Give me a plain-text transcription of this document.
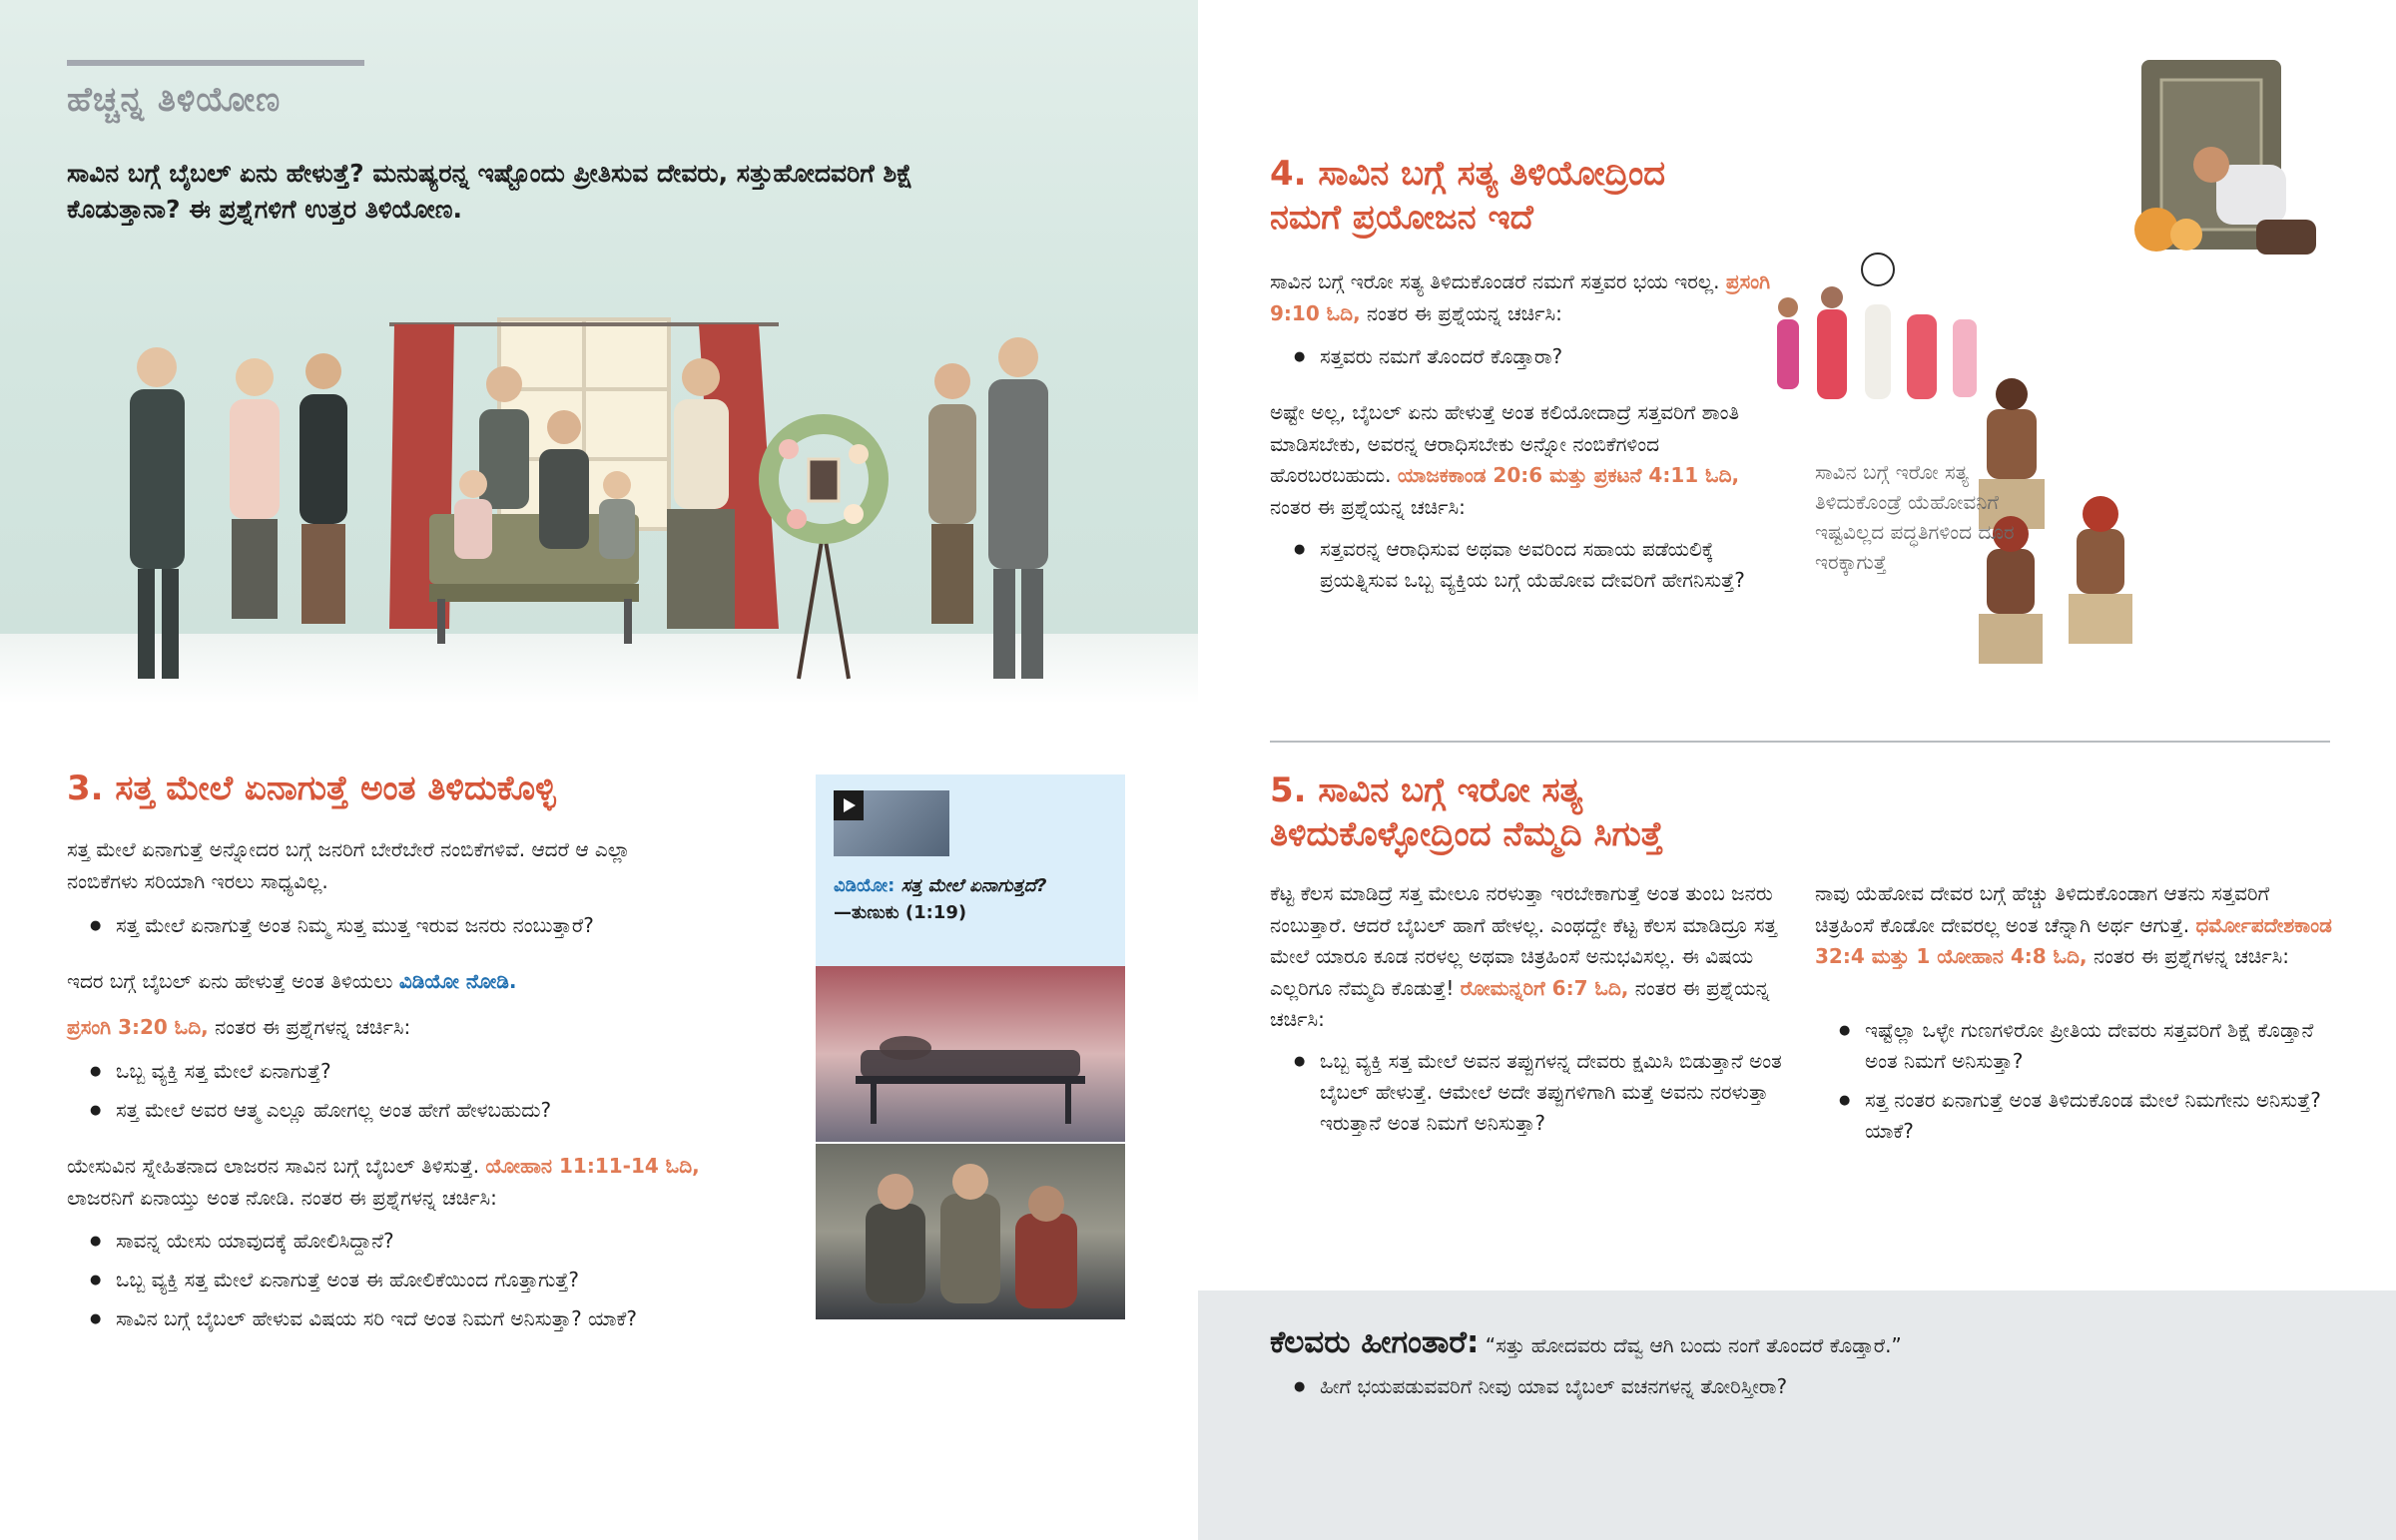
ಹೆಚ್ಚನ್ನ ತಿಳಿಯೋಣ
ಸಾವಿನ ಬಗ್ಗೆ ಬೈಬಲ್ ಏನು ಹೇಳುತ್ತೆ? ಮನುಷ್ಯರನ್ನ ಇಷ್ಟೊಂದು ಪ್ರೀತಿಸುವ ದೇವರು, ಸತ್ತುಹೋದವರಿಗೆ ಶಿಕ್ಷೆ ಕೊಡುತ್ತಾನಾ? ಈ ಪ್ರಶ್ನೆಗಳಿಗೆ ಉತ್ತರ ತಿಳಿಯೋಣ.
3. ಸತ್ತ ಮೇಲೆ ಏನಾಗುತ್ತೆ ಅಂತ ತಿಳಿದುಕೊಳ್ಳಿ
ಸತ್ತ ಮೇಲೆ ಏನಾಗುತ್ತೆ ಅನ್ನೋದರ ಬಗ್ಗೆ ಜನರಿಗೆ ಬೇರೆಬೇರೆ ನಂಬಿಕೆಗಳಿವೆ. ಆದರೆ ಆ ಎಲ್ಲಾ ನಂಬಿಕೆಗಳು ಸರಿಯಾಗಿ ಇರಲು ಸಾಧ್ಯವಿಲ್ಲ.
● ಸತ್ತ ಮೇಲೆ ಏನಾಗುತ್ತೆ ಅಂತ ನಿಮ್ಮ ಸುತ್ತ ಮುತ್ತ ಇರುವ ಜನರು ನಂಬುತ್ತಾರೆ?
ಇದರ ಬಗ್ಗೆ ಬೈಬಲ್ ಏನು ಹೇಳುತ್ತೆ ಅಂತ ತಿಳಿಯಲು ವಿಡಿಯೋ ನೋಡಿ.
ಪ್ರಸಂಗಿ 3:20 ಓದಿ, ನಂತರ ಈ ಪ್ರಶ್ನೆಗಳನ್ನ ಚರ್ಚಿಸಿ:
● ಒಬ್ಬ ವ್ಯಕ್ತಿ ಸತ್ತ ಮೇಲೆ ಏನಾಗುತ್ತೆ?
● ಸತ್ತ ಮೇಲೆ ಅವರ ಆತ್ಮ ಎಲ್ಲೂ ಹೋಗಲ್ಲ ಅಂತ ಹೇಗೆ ಹೇಳಬಹುದು?
ಯೇಸುವಿನ ಸ್ನೇಹಿತನಾದ ಲಾಜರನ ಸಾವಿನ ಬಗ್ಗೆ ಬೈಬಲ್ ತಿಳಿಸುತ್ತೆ. ಯೋಹಾನ 11:11-14 ಓದಿ, ಲಾಜರನಿಗೆ ಏನಾಯ್ತು ಅಂತ ನೋಡಿ. ನಂತರ ಈ ಪ್ರಶ್ನೆಗಳನ್ನ ಚರ್ಚಿಸಿ:
● ಸಾವನ್ನ ಯೇಸು ಯಾವುದಕ್ಕೆ ಹೋಲಿಸಿದ್ದಾನೆ?
● ಒಬ್ಬ ವ್ಯಕ್ತಿ ಸತ್ತ ಮೇಲೆ ಏನಾಗುತ್ತೆ ಅಂತ ಈ ಹೋಲಿಕೆಯಿಂದ ಗೊತ್ತಾಗುತ್ತೆ?
● ಸಾವಿನ ಬಗ್ಗೆ ಬೈಬಲ್ ಹೇಳುವ ವಿಷಯ ಸರಿ ಇದೆ ಅಂತ ನಿಮಗೆ ಅನಿಸುತ್ತಾ? ಯಾಕೆ?
ವಿಡಿಯೋ: ಸತ್ತ ಮೇಲೆ ಏನಾಗುತ್ತದೆ?
—ತುಣುಕು (1:19)
4. ಸಾವಿನ ಬಗ್ಗೆ ಸತ್ಯ ತಿಳಿಯೋದ್ರಿಂದ
ನಮಗೆ ಪ್ರಯೋಜನ ಇದೆ
ಸಾವಿನ ಬಗ್ಗೆ ಇರೋ ಸತ್ಯ ತಿಳಿದುಕೊಂಡರೆ ನಮಗೆ ಸತ್ತವರ ಭಯ ಇರಲ್ಲ. ಪ್ರಸಂಗಿ 9:10 ಓದಿ, ನಂತರ ಈ ಪ್ರಶ್ನೆಯನ್ನ ಚರ್ಚಿಸಿ:
● ಸತ್ತವರು ನಮಗೆ ತೊಂದರೆ ಕೊಡ್ತಾರಾ?
ಅಷ್ಟೇ ಅಲ್ಲ, ಬೈಬಲ್ ಏನು ಹೇಳುತ್ತೆ ಅಂತ ಕಲಿಯೋದಾದ್ರೆ ಸತ್ತವರಿಗೆ ಶಾಂತಿ ಮಾಡಿಸಬೇಕು, ಅವರನ್ನ ಆರಾಧಿಸಬೇಕು ಅನ್ನೋ ನಂಬಿಕೆಗಳಿಂದ ಹೊರಬರಬಹುದು. ಯಾಜಕಕಾಂಡ 20:6 ಮತ್ತು ಪ್ರಕಟನೆ 4:11 ಓದಿ, ನಂತರ ಈ ಪ್ರಶ್ನೆಯನ್ನ ಚರ್ಚಿಸಿ:
● ಸತ್ತವರನ್ನ ಆರಾಧಿಸುವ ಅಥವಾ ಅವರಿಂದ ಸಹಾಯ ಪಡೆಯಲಿಕ್ಕೆ ಪ್ರಯತ್ನಿಸುವ ಒಬ್ಬ ವ್ಯಕ್ತಿಯ ಬಗ್ಗೆ ಯೆಹೋವ ದೇವರಿಗೆ ಹೇಗನಿಸುತ್ತೆ?
ಸಾವಿನ ಬಗ್ಗೆ ಇರೋ ಸತ್ಯ ತಿಳಿದುಕೊಂಡ್ರೆ ಯೆಹೋವನಿಗೆ ಇಷ್ಟವಿಲ್ಲದ ಪದ್ಧತಿಗಳಿಂದ ದೂರ ಇರಕ್ಕಾಗುತ್ತೆ
5. ಸಾವಿನ ಬಗ್ಗೆ ಇರೋ ಸತ್ಯ
ತಿಳಿದುಕೊಳ್ಳೋದ್ರಿಂದ ನೆಮ್ಮದಿ ಸಿಗುತ್ತೆ
ಕೆಟ್ಟ ಕೆಲಸ ಮಾಡಿದ್ರೆ ಸತ್ತ ಮೇಲೂ ನರಳುತ್ತಾ ಇರಬೇಕಾಗುತ್ತೆ ಅಂತ ತುಂಬ ಜನರು ನಂಬುತ್ತಾರೆ. ಆದರೆ ಬೈಬಲ್ ಹಾಗೆ ಹೇಳಲ್ಲ. ಎಂಥದ್ದೇ ಕೆಟ್ಟ ಕೆಲಸ ಮಾಡಿದ್ರೂ ಸತ್ತ ಮೇಲೆ ಯಾರೂ ಕೂಡ ನರಳಲ್ಲ ಅಥವಾ ಚಿತ್ರಹಿಂಸೆ ಅನುಭವಿಸಲ್ಲ. ಈ ವಿಷಯ ಎಲ್ಲರಿಗೂ ನೆಮ್ಮದಿ ಕೊಡುತ್ತೆ! ರೋಮನ್ನರಿಗೆ 6:7 ಓದಿ, ನಂತರ ಈ ಪ್ರಶ್ನೆಯನ್ನ ಚರ್ಚಿಸಿ:
● ಒಬ್ಬ ವ್ಯಕ್ತಿ ಸತ್ತ ಮೇಲೆ ಅವನ ತಪ್ಪುಗಳನ್ನ ದೇವರು ಕ್ಷಮಿಸಿ ಬಿಡುತ್ತಾನೆ ಅಂತ ಬೈಬಲ್ ಹೇಳುತ್ತೆ. ಆಮೇಲೆ ಅದೇ ತಪ್ಪುಗಳಿಗಾಗಿ ಮತ್ತೆ ಅವನು ನರಳುತ್ತಾ ಇರುತ್ತಾನೆ ಅಂತ ನಿಮಗೆ ಅನಿಸುತ್ತಾ?
ನಾವು ಯೆಹೋವ ದೇವರ ಬಗ್ಗೆ ಹೆಚ್ಚು ತಿಳಿದುಕೊಂಡಾಗ ಆತನು ಸತ್ತವರಿಗೆ ಚಿತ್ರಹಿಂಸೆ ಕೊಡೋ ದೇವರಲ್ಲ ಅಂತ ಚೆನ್ನಾಗಿ ಅರ್ಥ ಆಗುತ್ತೆ. ಧರ್ಮೋಪದೇಶಕಾಂಡ 32:4 ಮತ್ತು 1 ಯೋಹಾನ 4:8 ಓದಿ, ನಂತರ ಈ ಪ್ರಶ್ನೆಗಳನ್ನ ಚರ್ಚಿಸಿ:
● ಇಷ್ಟೆಲ್ಲಾ ಒಳ್ಳೇ ಗುಣಗಳಿರೋ ಪ್ರೀತಿಯ ದೇವರು ಸತ್ತವರಿಗೆ ಶಿಕ್ಷೆ ಕೊಡ್ತಾನೆ ಅಂತ ನಿಮಗೆ ಅನಿಸುತ್ತಾ?
● ಸತ್ತ ನಂತರ ಏನಾಗುತ್ತೆ ಅಂತ ತಿಳಿದುಕೊಂಡ ಮೇಲೆ ನಿಮಗೇನು ಅನಿಸುತ್ತೆ? ಯಾಕೆ?
ಕೆಲವರು ಹೀಗಂತಾರೆ: “ಸತ್ತು ಹೋದವರು ದೆವ್ವ ಆಗಿ ಬಂದು ನಂಗೆ ತೊಂದರೆ ಕೊಡ್ತಾರೆ.”
● ಹೀಗೆ ಭಯಪಡುವವರಿಗೆ ನೀವು ಯಾವ ಬೈಬಲ್ ವಚನಗಳನ್ನ ತೋರಿಸ್ತೀರಾ?
